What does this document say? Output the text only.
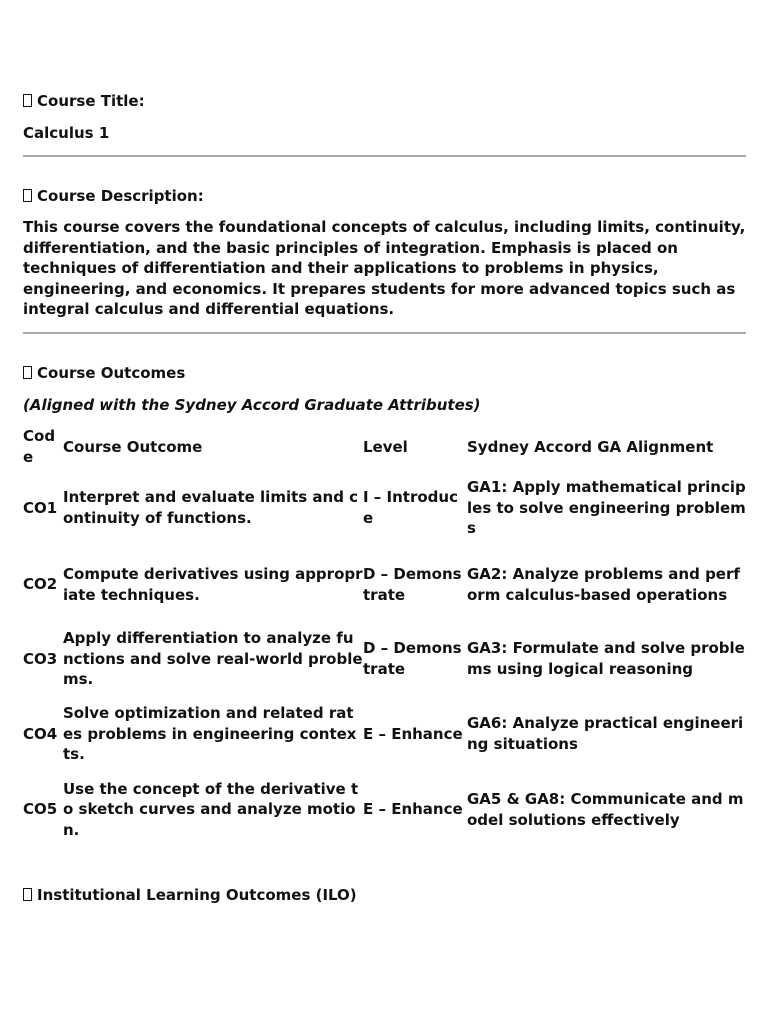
Course Title:
Calculus 1
Course Description:
This course covers the foundational concepts of calculus, including limits, continuity, differentiation, and the basic principles of integration. Emphasis is placed on techniques of differentiation and their applications to problems in physics, engineering, and economics. It prepares students for more advanced topics such as integral calculus and differential equations.
Course Outcomes
(Aligned with the Sydney Accord Graduate Attributes)
Code	Course Outcome	Level	Sydney Accord GA Alignment
CO1	Interpret and evaluate limits and continuity of functions.	I – Introduce	GA1: Apply mathematical principles to solve engineering problems
CO2	Compute derivatives using appropriate techniques.	D – Demonstrate	GA2: Analyze problems and perform calculus-based operations
CO3	Apply differentiation to analyze functions and solve real-world problems.	D – Demonstrate	GA3: Formulate and solve problems using logical reasoning
CO4	Solve optimization and related rates problems in engineering contexts.	E – Enhance	GA6: Analyze practical engineering situations
CO5	Use the concept of the derivative to sketch curves and analyze motion.	E – Enhance	GA5 & GA8: Communicate and model solutions effectively
Institutional Learning Outcomes (ILO)
